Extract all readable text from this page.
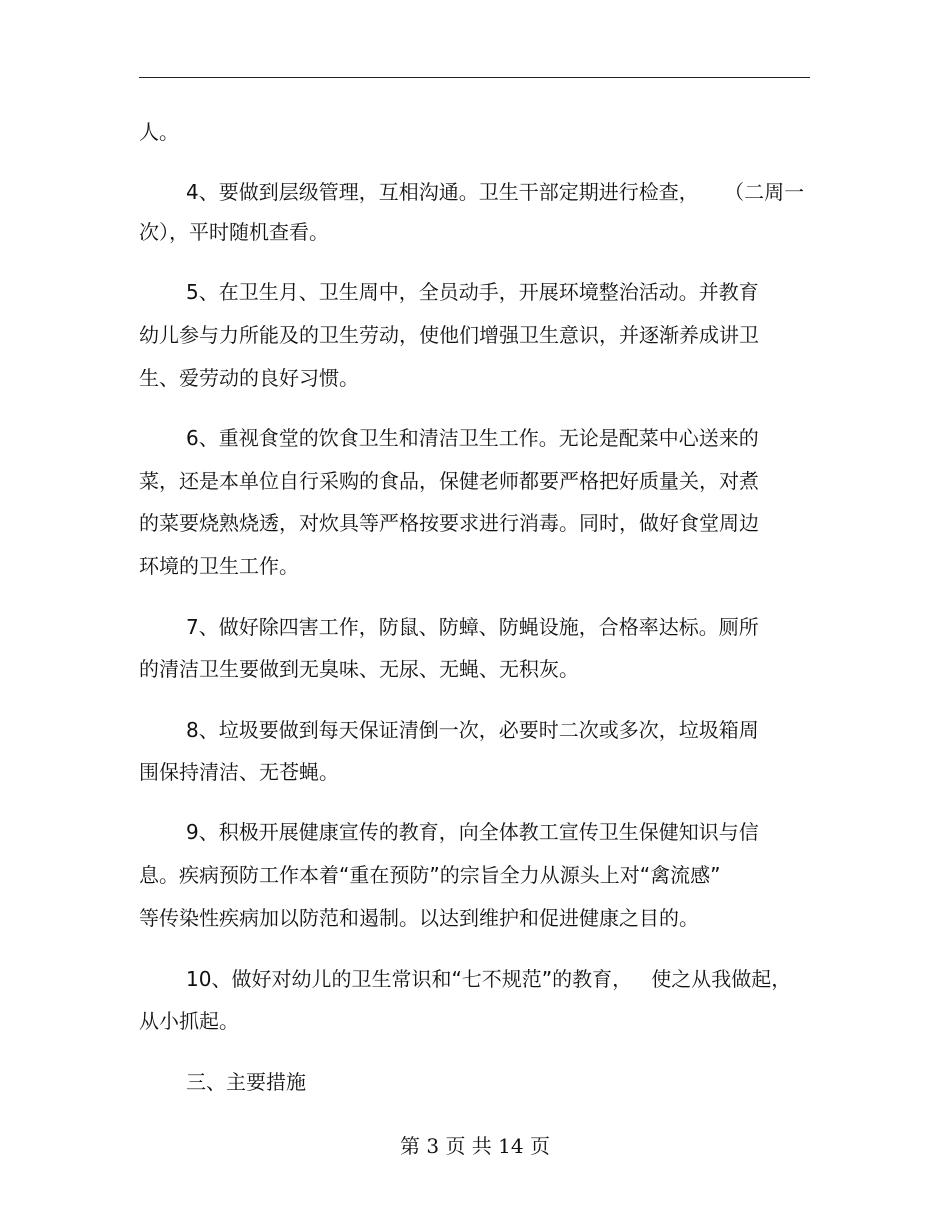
人。
4、要做到层级管理，互相沟通。卫生干部定期进行检查，    （二周一
次），平时随机查看。
5、在卫生月、卫生周中，全员动手，开展环境整治活动。并教育
幼儿参与力所能及的卫生劳动，使他们增强卫生意识，并逐渐养成讲卫
生、爱劳动的良好习惯。
6、重视食堂的饮食卫生和清洁卫生工作。无论是配菜中心送来的
菜，还是本单位自行采购的食品，保健老师都要严格把好质量关，对煮
的菜要烧熟烧透，对炊具等严格按要求进行消毒。同时，做好食堂周边
环境的卫生工作。
7、做好除四害工作，防鼠、防蟑、防蝇设施，合格率达标。厕所
的清洁卫生要做到无臭味、无尿、无蝇、无积灰。
8、垃圾要做到每天保证清倒一次，必要时二次或多次，垃圾箱周
围保持清洁、无苍蝇。
9、积极开展健康宣传的教育，向全体教工宣传卫生保健知识与信
息。疾病预防工作本着“重在预防”的宗旨全力从源头上对“禽流感”
等传染性疾病加以防范和遏制。以达到维护和促进健康之目的。
10、做好对幼儿的卫生常识和“七不规范”的教育，   使之从我做起，
从小抓起。
三、主要措施
第 3 页 共 14 页
